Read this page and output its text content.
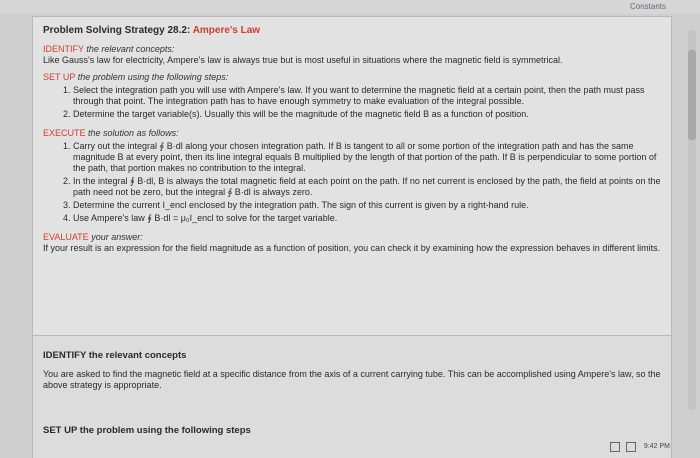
Constants
Problem Solving Strategy 28.2: Ampere's Law
IDENTIFY the relevant concepts:

Like Gauss's law for electricity, Ampere's law is always true but is most useful in situations where the magnetic field is symmetrical.

SET UP the problem using the following steps:
1. Select the integration path you will use with Ampere's law. If you want to determine the magnetic field at a certain point, then the path must pass through that point. The integration path has to have enough symmetry to make evaluation of the integral possible.
2. Determine the target variable(s). Usually this will be the magnitude of the magnetic field B as a function of position.
EXECUTE the solution as follows:
1. Carry out the integral ∮ B·dl along your chosen integration path. If B is tangent to all or some portion of the integration path and has the same magnitude B at every point, then its line integral equals B multiplied by the length of that portion of the path. If B is perpendicular to some portion of the path, that portion makes no contribution to the integral.
2. In the integral ∮ B·dl, B is always the total magnetic field at each point on the path. If no net current is enclosed by the path, the field at points on the path need not be zero, but the integral ∮ B·dl is always zero.
3. Determine the current I_encl enclosed by the integration path. The sign of this current is given by a right-hand rule.
4. Use Ampere's law ∮ B·dl = μ₀I_encl to solve for the target variable.
EVALUATE your answer:

If your result is an expression for the field magnitude as a function of position, you can check it by examining how the expression behaves in different limits.

IDENTIFY the relevant concepts

You are asked to find the magnetic field at a specific distance from the axis of a current carrying tube. This can be accomplished using Ampere's law, so the above strategy is appropriate.

SET UP the problem using the following steps
9:42 PM
